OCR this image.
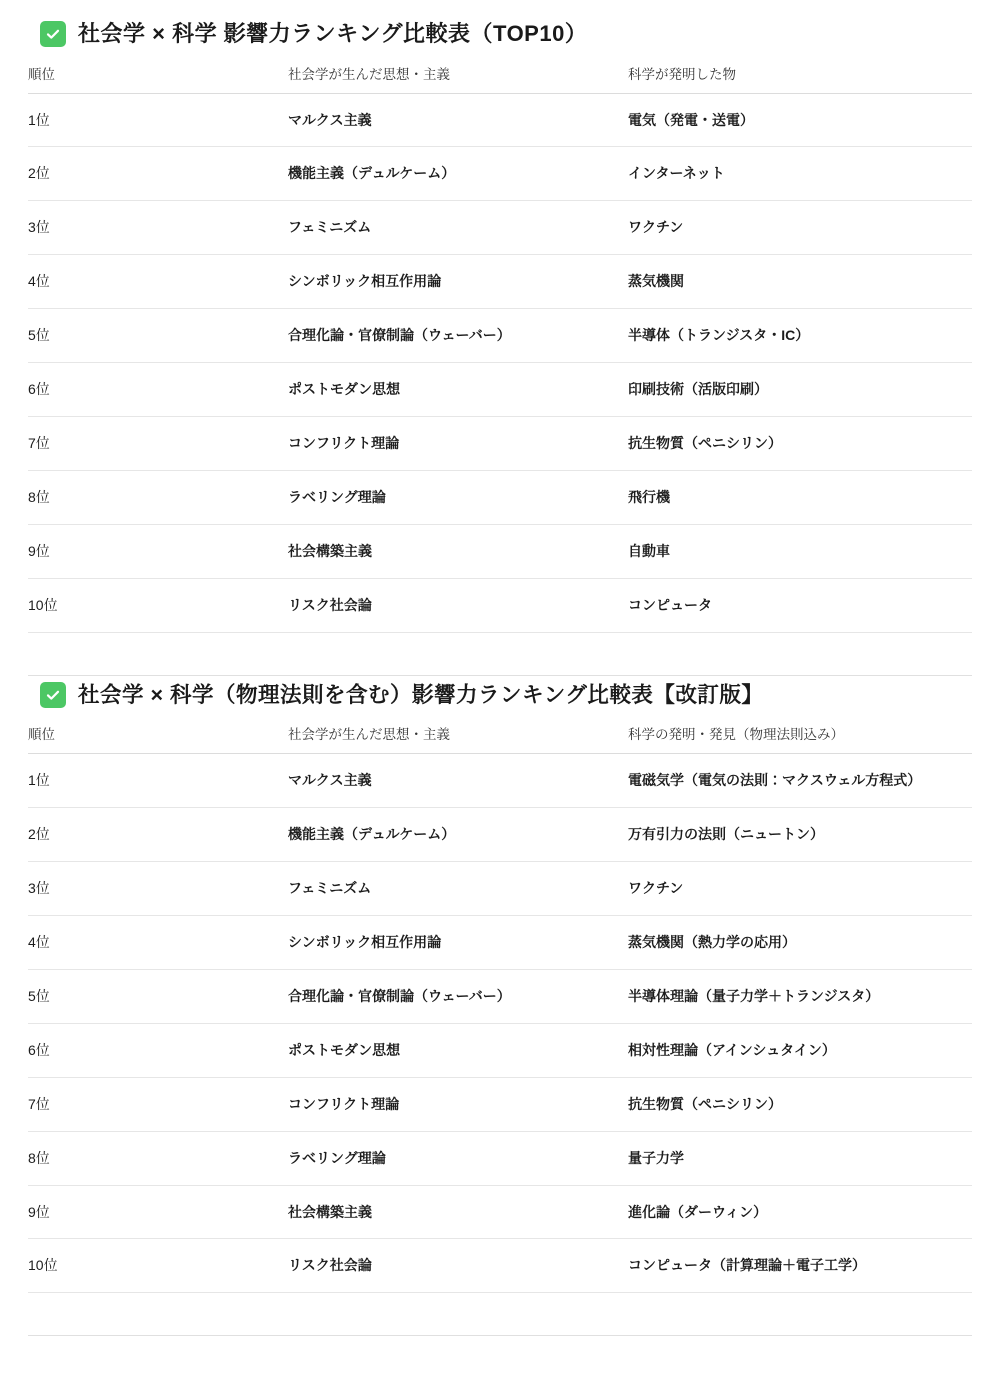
社会学 × 科学 影響力ランキング比較表（TOP10）
順位	社会学が生んだ思想・主義	科学が発明した物
1位	マルクス主義	電気（発電・送電）
2位	機能主義（デュルケーム）	インターネット
3位	フェミニズム	ワクチン
4位	シンボリック相互作用論	蒸気機関
5位	合理化論・官僚制論（ウェーバー）	半導体（トランジスタ・IC）
6位	ポストモダン思想	印刷技術（活版印刷）
7位	コンフリクト理論	抗生物質（ペニシリン）
8位	ラベリング理論	飛行機
9位	社会構築主義	自動車
10位	リスク社会論	コンピュータ
社会学 × 科学（物理法則を含む）影響力ランキング比較表【改訂版】
順位	社会学が生んだ思想・主義	科学の発明・発見（物理法則込み）
1位	マルクス主義	電磁気学（電気の法則：マクスウェル方程式）
2位	機能主義（デュルケーム）	万有引力の法則（ニュートン）
3位	フェミニズム	ワクチン
4位	シンボリック相互作用論	蒸気機関（熱力学の応用）
5位	合理化論・官僚制論（ウェーバー）	半導体理論（量子力学＋トランジスタ）
6位	ポストモダン思想	相対性理論（アインシュタイン）
7位	コンフリクト理論	抗生物質（ペニシリン）
8位	ラベリング理論	量子力学
9位	社会構築主義	進化論（ダーウィン）
10位	リスク社会論	コンピュータ（計算理論＋電子工学）
